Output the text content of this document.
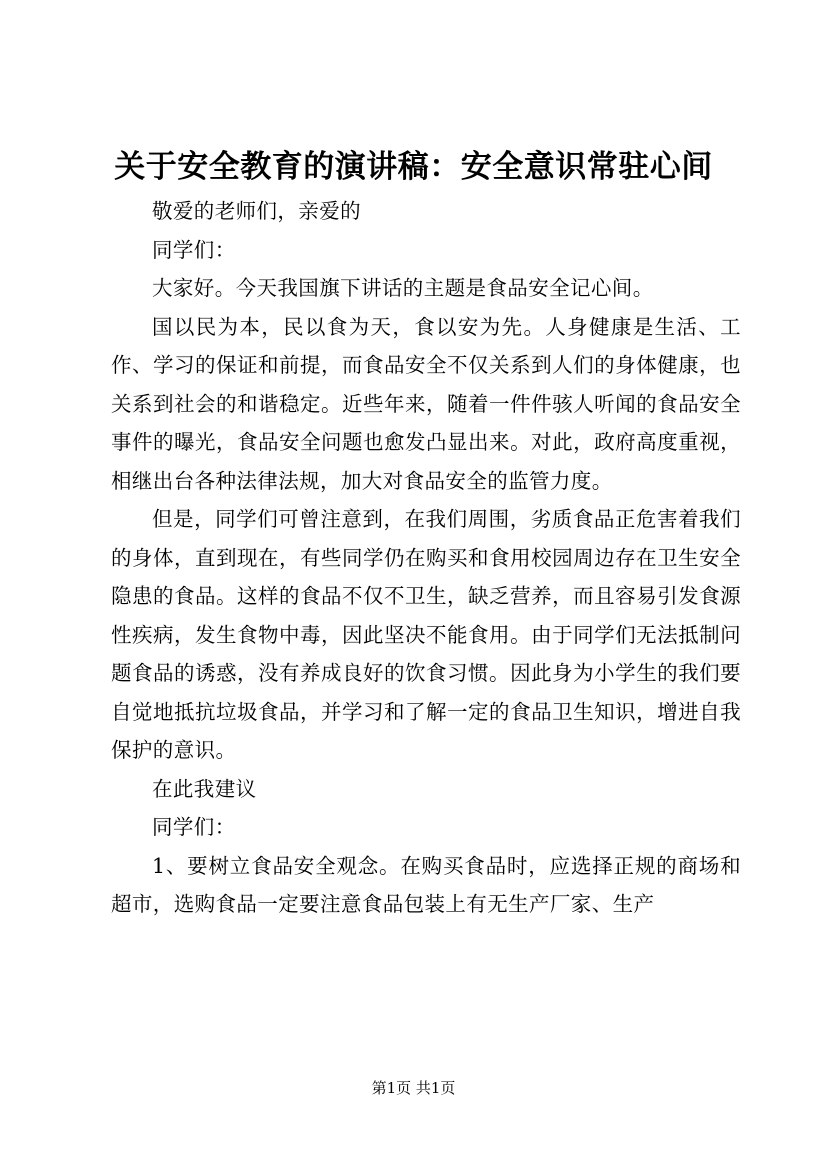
关于安全教育的演讲稿：安全意识常驻心间

敬爱的老师们，亲爱的

同学们：

大家好。今天我国旗下讲话的主题是食品安全记心间。

国以民为本，民以食为天，食以安为先。人身健康是生活、工作、学习的保证和前提，而食品安全不仅关系到人们的身体健康，也关系到社会的和谐稳定。近些年来，随着一件件骇人听闻的食品安全事件的曝光，食品安全问题也愈发凸显出来。对此，政府高度重视，相继出台各种法律法规，加大对食品安全的监管力度。

但是，同学们可曾注意到，在我们周围，劣质食品正危害着我们的身体，直到现在，有些同学仍在购买和食用校园周边存在卫生安全隐患的食品。这样的食品不仅不卫生，缺乏营养，而且容易引发食源性疾病，发生食物中毒，因此坚决不能食用。由于同学们无法抵制问题食品的诱惑，没有养成良好的饮食习惯。因此身为小学生的我们要自觉地抵抗垃圾食品，并学习和了解一定的食品卫生知识，增进自我保护的意识。

在此我建议

同学们：

1、要树立食品安全观念。在购买食品时，应选择正规的商场和超市，选购食品一定要注意食品包装上有无生产厂家、生产

第1页 共1页
